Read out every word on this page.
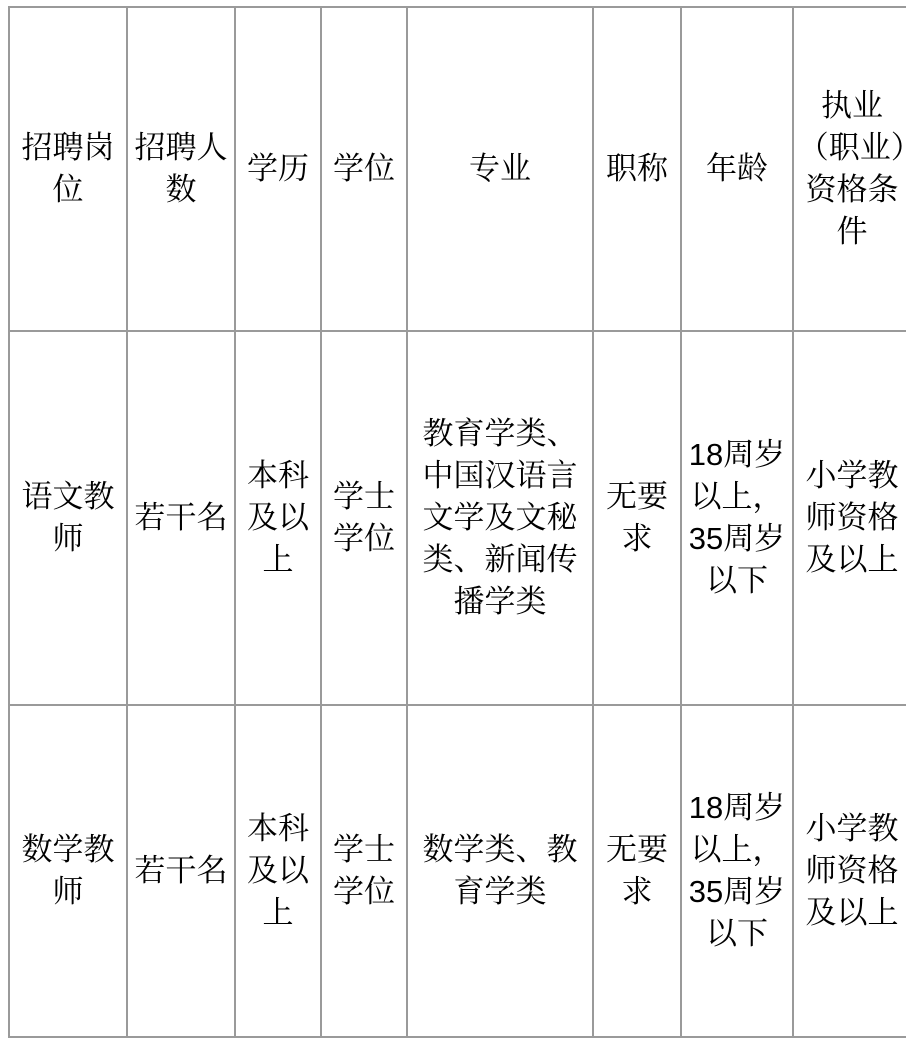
招聘岗位	招聘人数	学历	学位	专业	职称	年龄	执业（职业）资格条件
语文教师	若干名	本科及以上	学士学位	教育学类、中国汉语言文学及文秘类、新闻传播学类	无要求	18周岁以上，35周岁以下	小学教师资格及以上
数学教师	若干名	本科及以上	学士学位	数学类、教育学类	无要求	18周岁以上，35周岁以下	小学教师资格及以上
